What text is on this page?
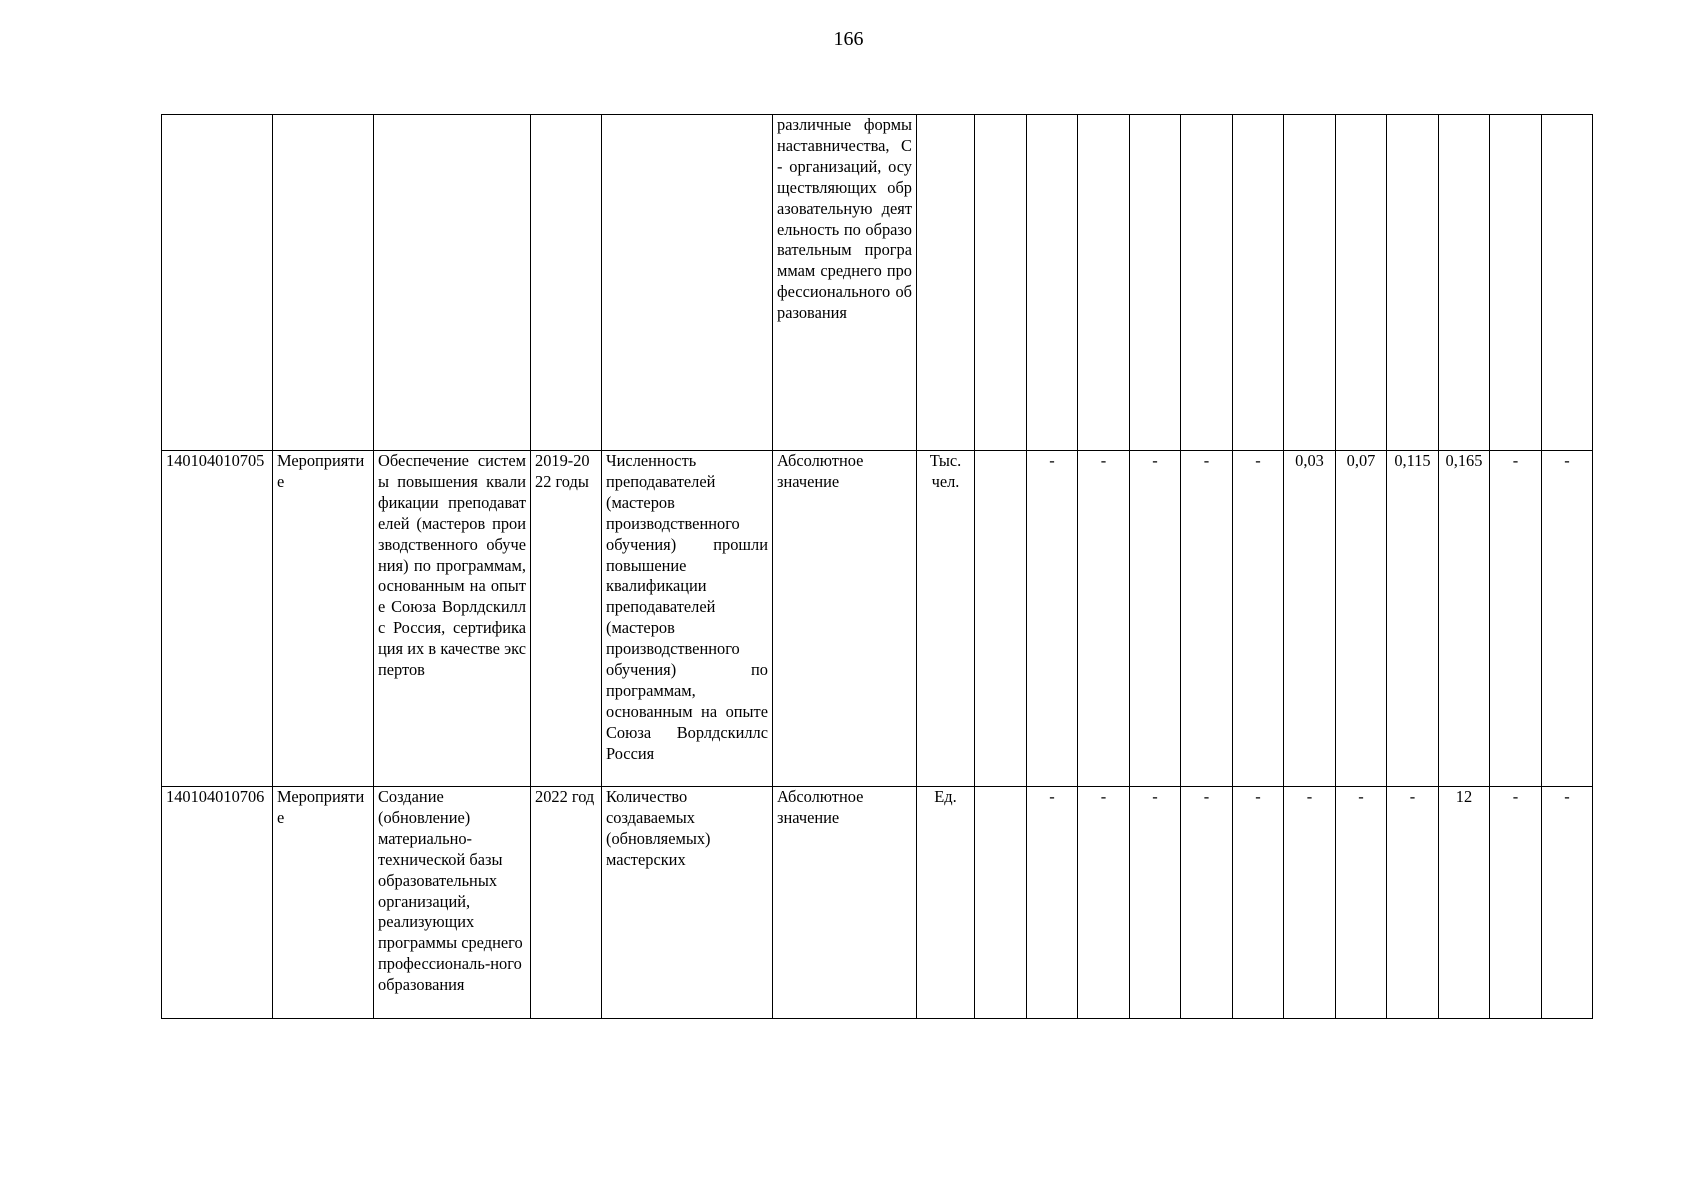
166
					различные формы наставничества, С - организаций, осуществляющих образовательную деятельность по образовательным программам среднего профессионального образования													
140104010705	Мероприятие	Обеспечение системы повышения квалификации преподавателей (мастеров производственного обучения) по программам, основанным на опыте Союза Ворлдскиллс Россия, сертификация их в качестве экспертов	2019-2022 годы	Численность преподавателей (мастеров производственного обучения) прошли повышение квалификации преподавателей (мастеров производственного обучения) по программам, основанным на опыте Союза Ворлдскиллс Россия	Абсолютное значение	Тыс. чел.		-	-	-	-	-	0,03	0,07	0,115	0,165	-	-
140104010706	Мероприятие	Создание (обновление) материально-технической базы образовательных организаций, реализующих программы среднего профессиональ-ного образования	2022 год	Количество создаваемых (обновляемых) мастерских	Абсолютное значение	Ед.		-	-	-	-	-	-	-	-	12	-	-
